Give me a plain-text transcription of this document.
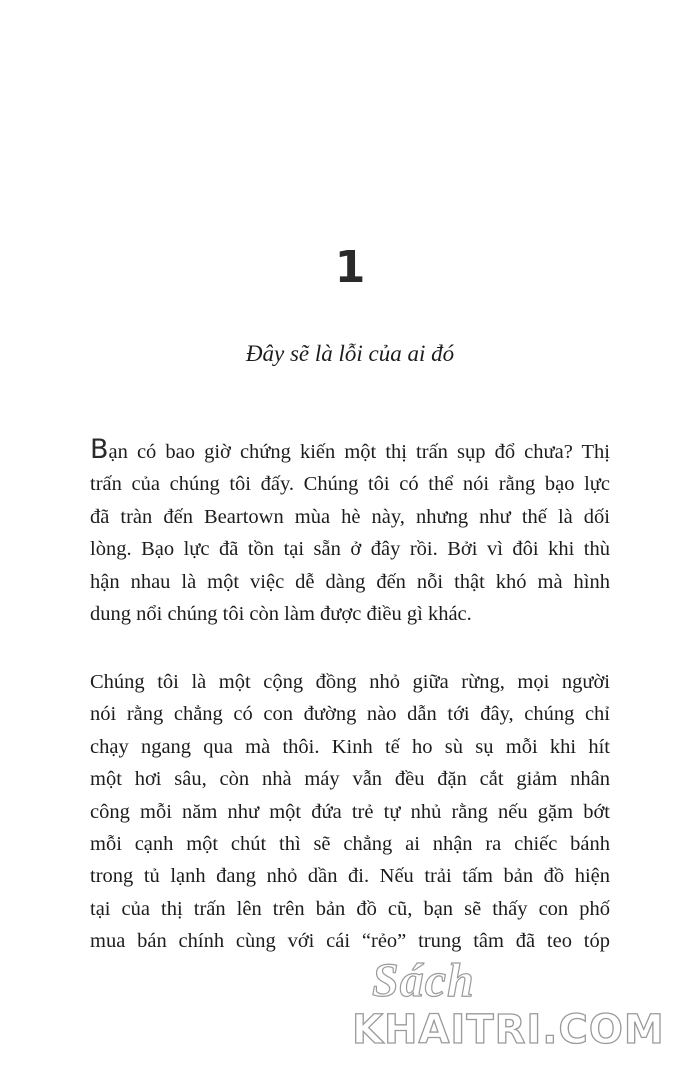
1
Đây sẽ là lỗi của ai đó
Bạn có bao giờ chứng kiến một thị trấn sụp đổ chưa? Thị
trấn của chúng tôi đấy. Chúng tôi có thể nói rằng bạo lực
đã tràn đến Beartown mùa hè này, nhưng như thế là dối
lòng. Bạo lực đã tồn tại sẵn ở đây rồi. Bởi vì đôi khi thù
hận nhau là một việc dễ dàng đến nỗi thật khó mà hình
dung nổi chúng tôi còn làm được điều gì khác.
Chúng tôi là một cộng đồng nhỏ giữa rừng, mọi người
nói rằng chẳng có con đường nào dẫn tới đây, chúng chỉ
chạy ngang qua mà thôi. Kinh tế ho sù sụ mỗi khi hít
một hơi sâu, còn nhà máy vẫn đều đặn cắt giảm nhân
công mỗi năm như một đứa trẻ tự nhủ rằng nếu gặm bớt
mỗi cạnh một chút thì sẽ chẳng ai nhận ra chiếc bánh
trong tủ lạnh đang nhỏ dần đi. Nếu trải tấm bản đồ hiện
tại của thị trấn lên trên bản đồ cũ, bạn sẽ thấy con phố
mua bán chính cùng với cái “rẻo” trung tâm đã teo tóp
Sách
KHAITRI.COM
